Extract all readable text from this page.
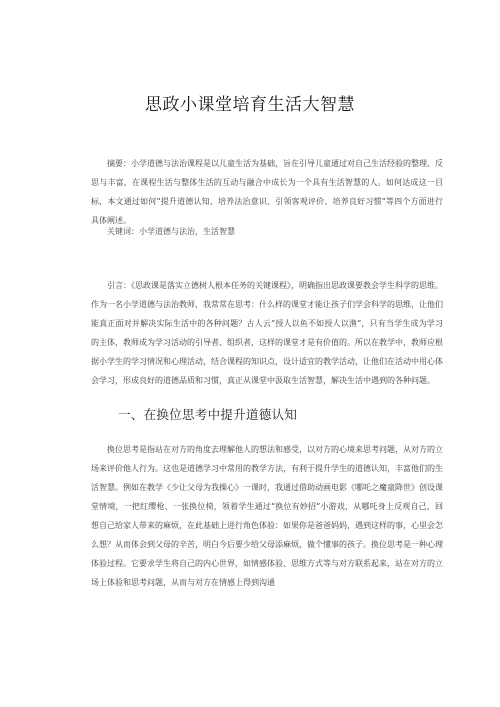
思政小课堂培育生活大智慧

摘要：小学道德与法治课程是以儿童生活为基础，旨在引导儿童通过对自己生活经验的整理、反思与丰富，在课程生活与整体生活的互动与融合中成长为一个具有生活智慧的人。如何达成这一目标，本文通过如何“提升道德认知、培养法治意识、引领客观评价、培养良好习惯”等四个方面进行具体阐述。

关键词：小学道德与法治，生活智慧

引言：《思政课是落实立德树人根本任务的关键课程》，明确指出思政课要教会学生科学的思维。作为一名小学道德与法治教师，我常常在思考：什么样的课堂才能让孩子们学会科学的思维，让他们能真正面对并解决实际生活中的各种问题？古人云“授人以鱼不如授人以渔”，只有当学生成为学习的主体，教师成为学习活动的引导者、组织者，这样的课堂才是有价值的。所以在教学中，教师应根据小学生的学习情况和心理活动，结合课程的知识点，设计适宜的教学活动，让他们在活动中用心体会学习，形成良好的道德品质和习惯，真正从课堂中汲取生活智慧，解决生活中遇到的各种问题。

一、在换位思考中提升道德认知

换位思考是指站在对方的角度去理解他人的想法和感受，以对方的心境来思考问题，从对方的立场来评价他人行为。这也是道德学习中常用的教学方法，有利于提升学生的道德认知，丰富他们的生活智慧。例如在教学《少让父母为我操心》一课时，我通过借助动画电影《哪吒之魔童降世》创设课堂情境，一把红缨枪、一张换位椅，领着学生通过“换位有妙招”小游戏，从哪吒身上反观自己，回想自己给家人带来的麻烦，在此基础上进行角色体验：如果你是爸爸妈妈，遇到这样的事，心里会怎么想？从而体会到父母的辛苦，明白今后要少给父母添麻烦，做个懂事的孩子。换位思考是一种心理体验过程。它要求学生将自己的内心世界，如情感体验、思维方式等与对方联系起来，站在对方的立场上体验和思考问题，从而与对方在情感上得到沟通
